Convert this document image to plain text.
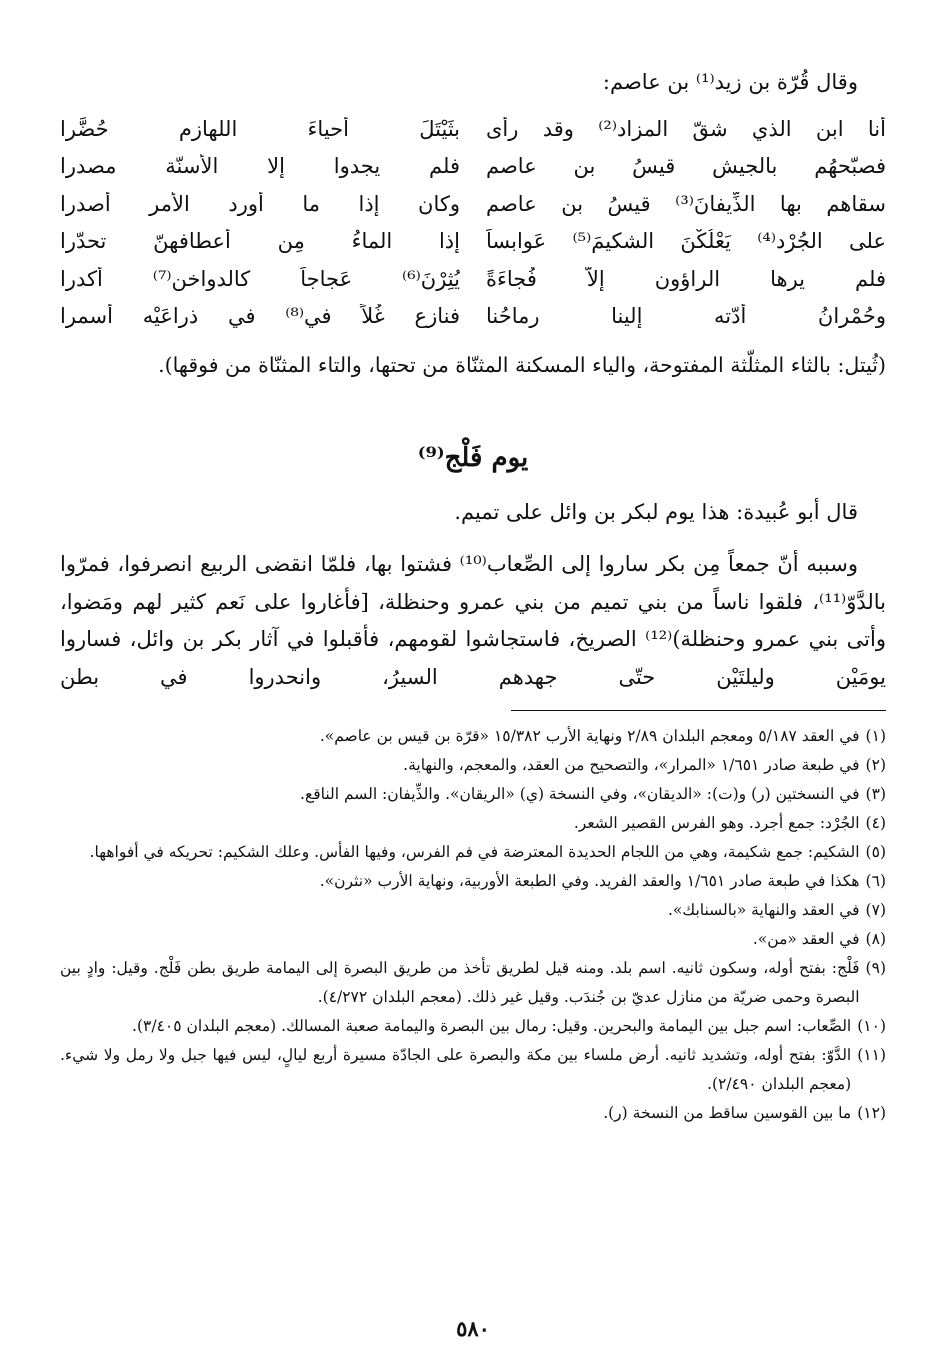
وقال قُرّة بن زيد⁽¹⁾ بن عاصم:
أنا ابن الذي شقّ المزاد⁽²⁾ وقد رأى
بثَيْتَلَ أحياءَ اللهازم حُضَّرا
فصبّحهُم بالجيش قيسُ بن عاصم
فلم يجدوا إلا الأسنّة مصدرا
سقاهم بها الذِّيفانَ⁽³⁾ قيسُ بن عاصم
وكان إذا ما أورد الأمر أصدرا
على الجُرْد⁽⁴⁾ يَعْلُكْنَ الشكيمَ⁽⁵⁾ عَوابساً
إذا الماءُ مِن أعطافهنّ تحدّرا
فلم يرها الراؤون إلاّ فُجاءَةً
يُثِرْنَ⁽⁶⁾ عَجاجاً كالدواخن⁽⁷⁾ أكدرا
وحُمْرانُ أدّته إلينا رماحُنا
فنازع غُلاً في⁽⁸⁾ في ذراعَيْه أسمرا
(ثُيتل: بالثاء المثلّثة المفتوحة، والياء المسكنة المثنّاة من تحتها، والتاء المثنّاة من فوقها).
يوم فَلْج⁽⁹⁾
قال أبو عُبيدة: هذا يوم لبكر بن وائل على تميم.
وسببه أنّ جمعاً مِن بكر ساروا إلى الصِّعاب⁽¹⁰⁾ فشتوا بها، فلمّا انقضى الربيع انصرفوا، فمرّوا بالدَّوّ⁽¹¹⁾، فلقوا ناساً من بني تميم من بني عمرو وحنظلة، [فأغاروا على نَعم كثير لهم ومَضوا، وأتى بني عمرو وحنظلة)⁽¹²⁾ الصريخ، فاستجاشوا لقومهم، فأقبلوا في آثار بكر بن وائل، فساروا يومَيْن وليلتَيْن حتّى جهدهم السيرُ، وانحدروا في بطن
(١)
في العقد ٥/١٨٧ ومعجم البلدان ٢/٨٩ ونهاية الأرب ١٥/٣٨٢ «قرّة بن قيس بن عاصم».
(٢)
في طبعة صادر ١/٦٥١ «المرار»، والتصحيح من العقد، والمعجم، والنهاية.
(٣)
في النسختين (ر) و(ت): «الديقان»، وفي النسخة (ي) «الريقان». والذِّيفان: السم الناقع.
(٤)
الجُرْد: جمع أجرد. وهو الفرس القصير الشعر.
(٥)
الشكيم: جمع شكيمة، وهي من اللجام الحديدة المعترضة في فم الفرس، وفيها الفأس. وعلك الشكيم: تحريكه في أفواهها.
(٦)
هكذا في طبعة صادر ١/٦٥١ والعقد الفريد. وفي الطبعة الأوربية، ونهاية الأرب «نثرن».
(٧)
في العقد والنهاية «بالسنابك».
(٨)
في العقد «من».
(٩)
فَلْج: بفتح أوله، وسكون ثانيه. اسم بلد. ومنه قيل لطريق تأخذ من طريق البصرة إلى اليمامة طريق بطن فَلْج. وقيل: وادٍ بين البصرة وحمى ضريّة من منازل عديّ بن جُندَب. وقيل غير ذلك. (معجم البلدان ٤/٢٧٢).
(١٠)
الصِّعاب: اسم جبل بين اليمامة والبحرين. وقيل: رمال بين البصرة واليمامة صعبة المسالك. (معجم البلدان ٣/٤٠٥).
(١١)
الدَّوّ: بفتح أوله، وتشديد ثانيه. أرض ملساء بين مكة والبصرة على الجادّة مسيرة أربع ليالٍ، ليس فيها جبل ولا رمل ولا شيء. (معجم البلدان ٢/٤٩٠).
(١٢)
ما بين القوسين ساقط من النسخة (ر).
٥٨٠
